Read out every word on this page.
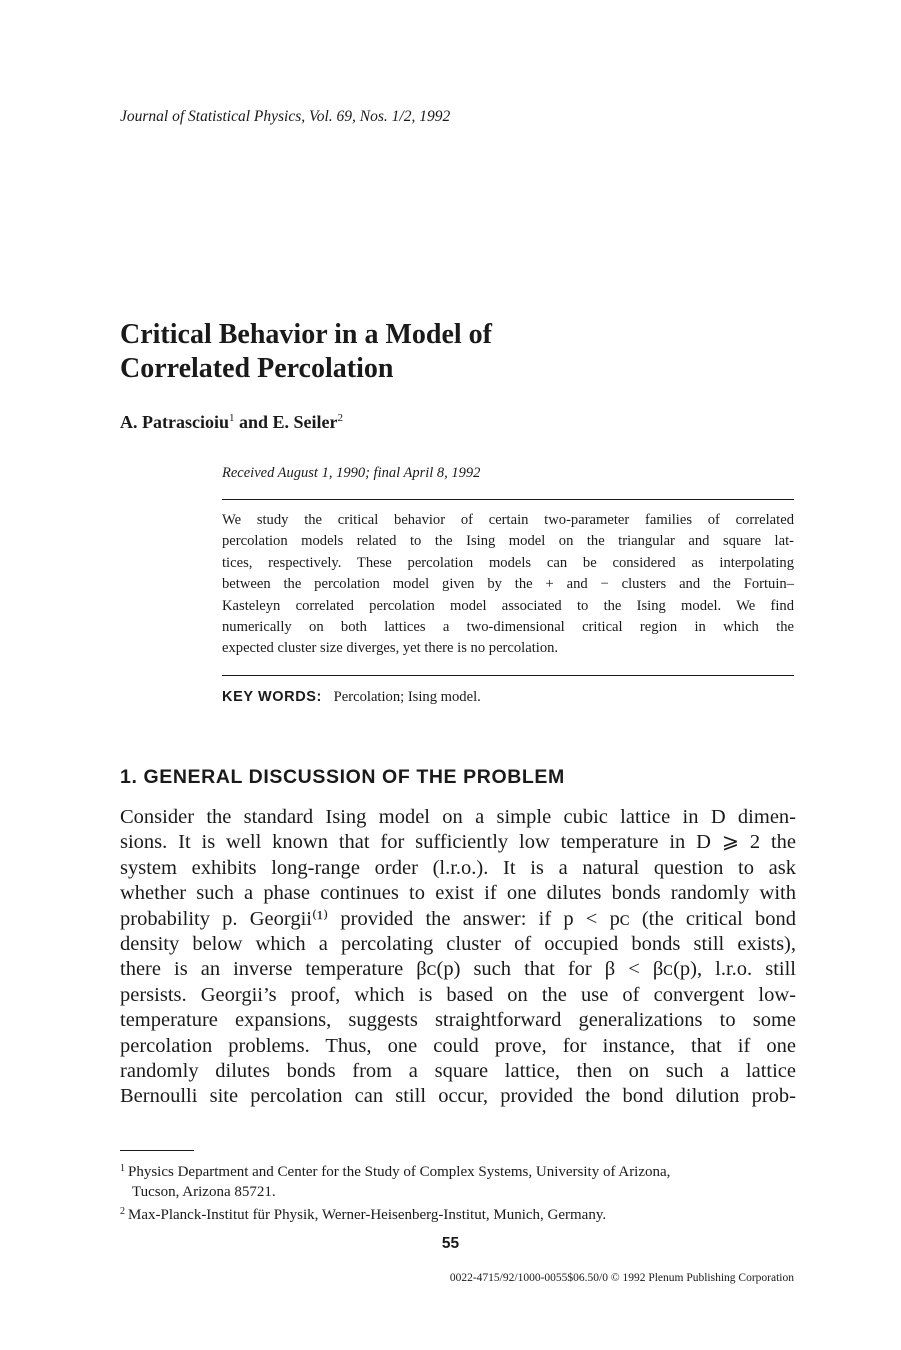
Journal of Statistical Physics, Vol. 69, Nos. 1/2, 1992
Critical Behavior in a Model of
Correlated Percolation
A. Patrascioiu$^1$ and E. Seiler$^2$
Received August 1, 1990; final April 8, 1992
We study the critical behavior of certain two-parameter families of correlated
percolation models related to the Ising model on the triangular and square lat-
tices, respectively. These percolation models can be considered as interpolating
between the percolation model given by the + and − clusters and the Fortuin–
Kasteleyn correlated percolation model associated to the Ising model. We find
numerically on both lattices a two-dimensional critical region in which the
expected cluster size diverges, yet there is no percolation.
KEY WORDS: Percolation; Ising model.
1. GENERAL DISCUSSION OF THE PROBLEM
Consider the standard Ising model on a simple cubic lattice in D dimen-
sions. It is well known that for sufficiently low temperature in D ⩾ 2 the
system exhibits long-range order (l.r.o.). It is a natural question to ask
whether such a phase continues to exist if one dilutes bonds randomly with
probability p. Georgii⁽¹⁾ provided the answer: if p < pᴄ (the critical bond
density below which a percolating cluster of occupied bonds still exists),
there is an inverse temperature βᴄ(p) such that for β < βᴄ(p), l.r.o. still
persists. Georgii’s proof, which is based on the use of convergent low-
temperature expansions, suggests straightforward generalizations to some
percolation problems. Thus, one could prove, for instance, that if one
randomly dilutes bonds from a square lattice, then on such a lattice
Bernoulli site percolation can still occur, provided the bond dilution prob-
$^1$ Physics Department and Center for the Study of Complex Systems, University of Arizona,
Tucson, Arizona 85721.
$^2$ Max-Planck-Institut für Physik, Werner-Heisenberg-Institut, Munich, Germany.
55
0022-4715/92/1000-0055$06.50/0 © 1992 Plenum Publishing Corporation
